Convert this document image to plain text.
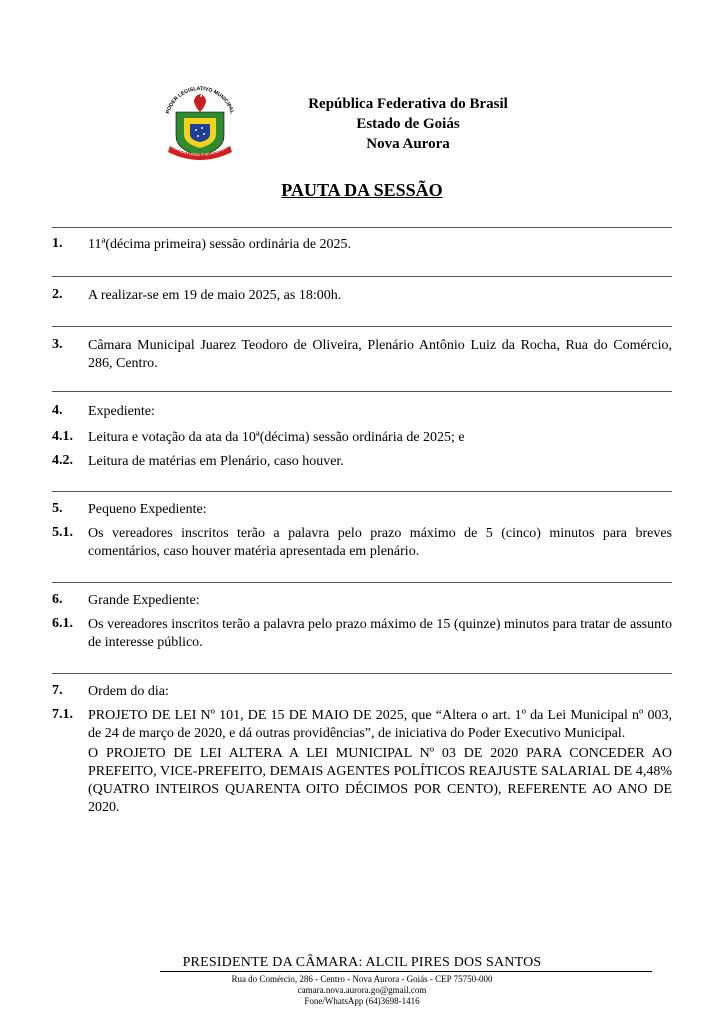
PODER LEGISLATIVO MUNICIPAL
CORAÇÃO UNIDO É NOVA AUROR
República Federativa do Brasil
Estado de Goiás
Nova Aurora
PAUTA DA SESSÃO
1. 11ª(décima primeira) sessão ordinária de 2025.
2. A realizar-se em 19 de maio 2025, as 18:00h.
3. Câmara Municipal Juarez Teodoro de Oliveira, Plenário Antônio Luiz da Rocha, Rua do Comércio, 286, Centro.
4. Expediente:
4.1. Leitura e votação da ata da 10ª(décima) sessão ordinária de 2025; e
4.2. Leitura de matérias em Plenário, caso houver.
5. Pequeno Expediente:
5.1. Os vereadores inscritos terão a palavra pelo prazo máximo de 5 (cinco) minutos para breves comentários, caso houver matéria apresentada em plenário.
6. Grande Expediente:
6.1. Os vereadores inscritos terão a palavra pelo prazo máximo de 15 (quinze) minutos para tratar de assunto de interesse público.
7. Ordem do dia:
7.1. PROJETO DE LEI Nº 101, DE 15 DE MAIO DE 2025, que “Altera o art. 1º da Lei Municipal nº 003, de 24 de março de 2020, e dá outras providências”, de iniciativa do Poder Executivo Municipal.
O PROJETO DE LEI ALTERA A LEI MUNICIPAL Nº 03 DE 2020 PARA CONCEDER AO PREFEITO, VICE-PREFEITO, DEMAIS AGENTES POLÍTICOS REAJUSTE SALARIAL DE 4,48% (QUATRO INTEIROS QUARENTA OITO DÉCIMOS POR CENTO), REFERENTE AO ANO DE 2020.
PRESIDENTE DA CÂMARA: ALCIL PIRES DOS SANTOS
Rua do Comércio, 286 - Centro - Nova Aurora - Goiás - CEP 75750-000
camara.nova.aurora.go@gmail.com
Fone/WhatsApp (64)3698-1416
